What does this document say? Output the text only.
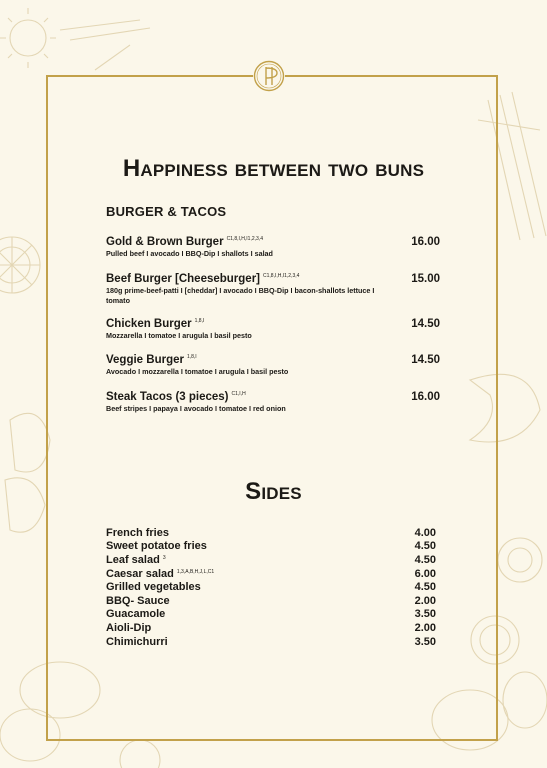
Happiness between two buns
BURGER & TACOS
Gold & Brown Burger $^{C1,8,I,H,I1,2,3,4}$	16.00
Pulled beef I avocado I BBQ-Dip I shallots I salad
Beef Burger [Cheeseburger] $^{C1,8,I,H,I1,2,3,4}$	15.00
180g prime-beef-patti I [cheddar] I avocado I BBQ-Dip I bacon-shallots lettuce I tomato
Chicken Burger $^{1,8,I}$	14.50
Mozzarella I tomatoe I arugula I basil pesto
Veggie Burger $^{1,8,I}$	14.50
Avocado I mozzarella I tomatoe I arugula I basil pesto
Steak Tacos (3 pieces) $^{C1,I,H}$	16.00
Beef stripes I papaya I avocado I tomatoe I red onion
Sides
French fries	4.00
Sweet potatoe fries	4.50
Leaf salad $^3$	4.50
Caesar salad $^{1,3,A,B,H,J,L,C1}$	6.00
Grilled vegetables	4.50
BBQ- Sauce	2.00
Guacamole	3.50
Aioli-Dip	2.00
Chimichurri	3.50
